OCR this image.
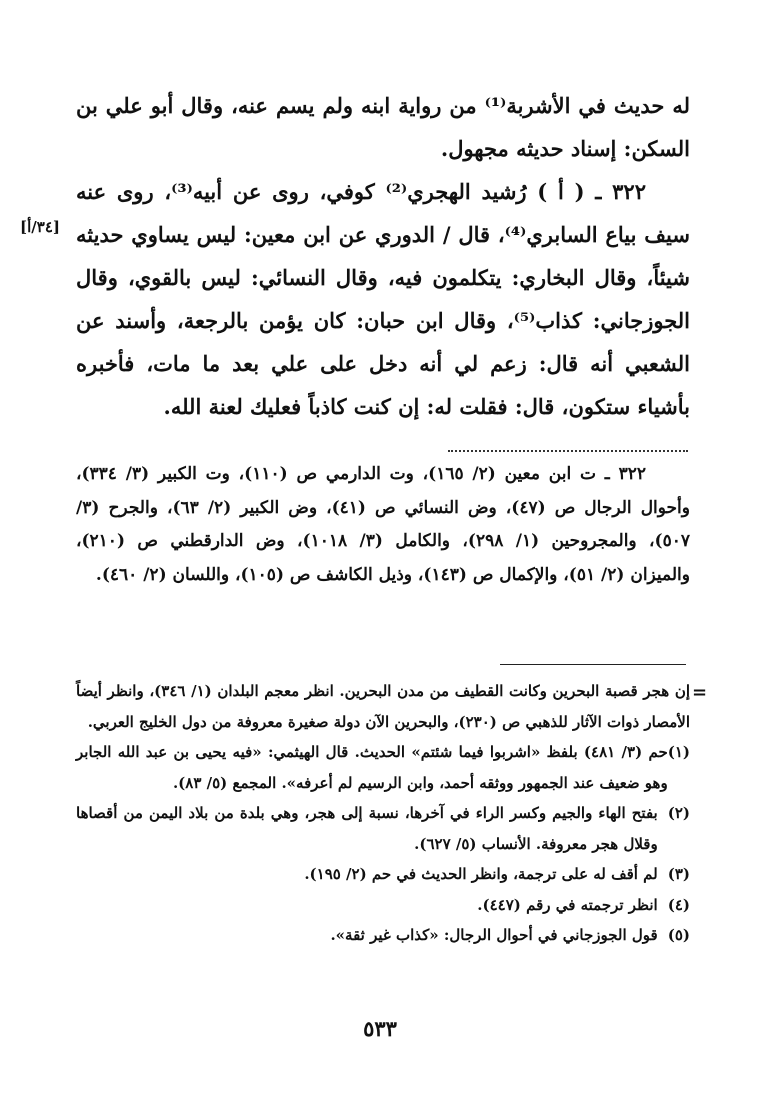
له حديث في الأشربة⁽¹⁾ من رواية ابنه ولم يسم عنه، وقال أبو علي بن السكن: إسناد حديثه مجهول.

٣٢٢ ـ ( أ ) رُشيد الهجري⁽²⁾ كوفي، روى عن أبيه⁽³⁾، روى عنه سيف بياع السابري⁽⁴⁾، قال / الدوري عن ابن معين: ليس يساوي حديثه شيئاً، وقال البخاري: يتكلمون فيه، وقال النسائي: ليس بالقوي، وقال الجوزجاني: كذاب⁽⁵⁾، وقال ابن حبان: كان يؤمن بالرجعة، وأسند عن الشعبي أنه قال: زعم لي أنه دخل على علي بعد ما مات، فأخبره بأشياء ستكون، قال: فقلت له: إن كنت كاذباً فعليك لعنة الله.

[٣٤/أ]

٣٢٢ ـ ت ابن معين (٢/ ١٦٥)، وت الدارمي ص (١١٠)، وت الكبير (٣/ ٣٣٤)، وأحوال الرجال ص (٤٧)، وض النسائي ص (٤١)، وض الكبير (٢/ ٦٣)، والجرح (٣/ ٥٠٧)، والمجروحين (١/ ٢٩٨)، والكامل (٣/ ١٠١٨)، وض الدارقطني ص (٢١٠)، والميزان (٢/ ٥١)، والإكمال ص (١٤٣)، وذيل الكاشف ص (١٠٥)، واللسان (٢/ ٤٦٠).

=

إن هجر قصبة البحرين وكانت القطيف من مدن البحرين. انظر معجم البلدان (١/ ٣٤٦)، وانظر أيضاً الأمصار ذوات الآثار للذهبي ص (٢٣٠)، والبحرين الآن دولة صغيرة معروفة من دول الخليج العربي.

(١)
حم (٣/ ٤٨١) بلفظ «اشربوا فيما شئتم» الحديث. قال الهيثمي: «فيه يحيى بن عبد الله الجابر وهو ضعيف عند الجمهور ووثقه أحمد، وابن الرسيم لم أعرفه». المجمع (٥/ ٨٣).
(٢)
بفتح الهاء والجيم وكسر الراء في آخرها، نسبة إلى هجر، وهي بلدة من بلاد اليمن من أقصاها وقلال هجر معروفة. الأنساب (٥/ ٦٢٧).
(٣)
لم أقف له على ترجمة، وانظر الحديث في حم (٢/ ١٩٥).
(٤)
انظر ترجمته في رقم (٤٤٧).
(٥)
قول الجوزجاني في أحوال الرجال: «كذاب غير ثقة».
٥٣٣
